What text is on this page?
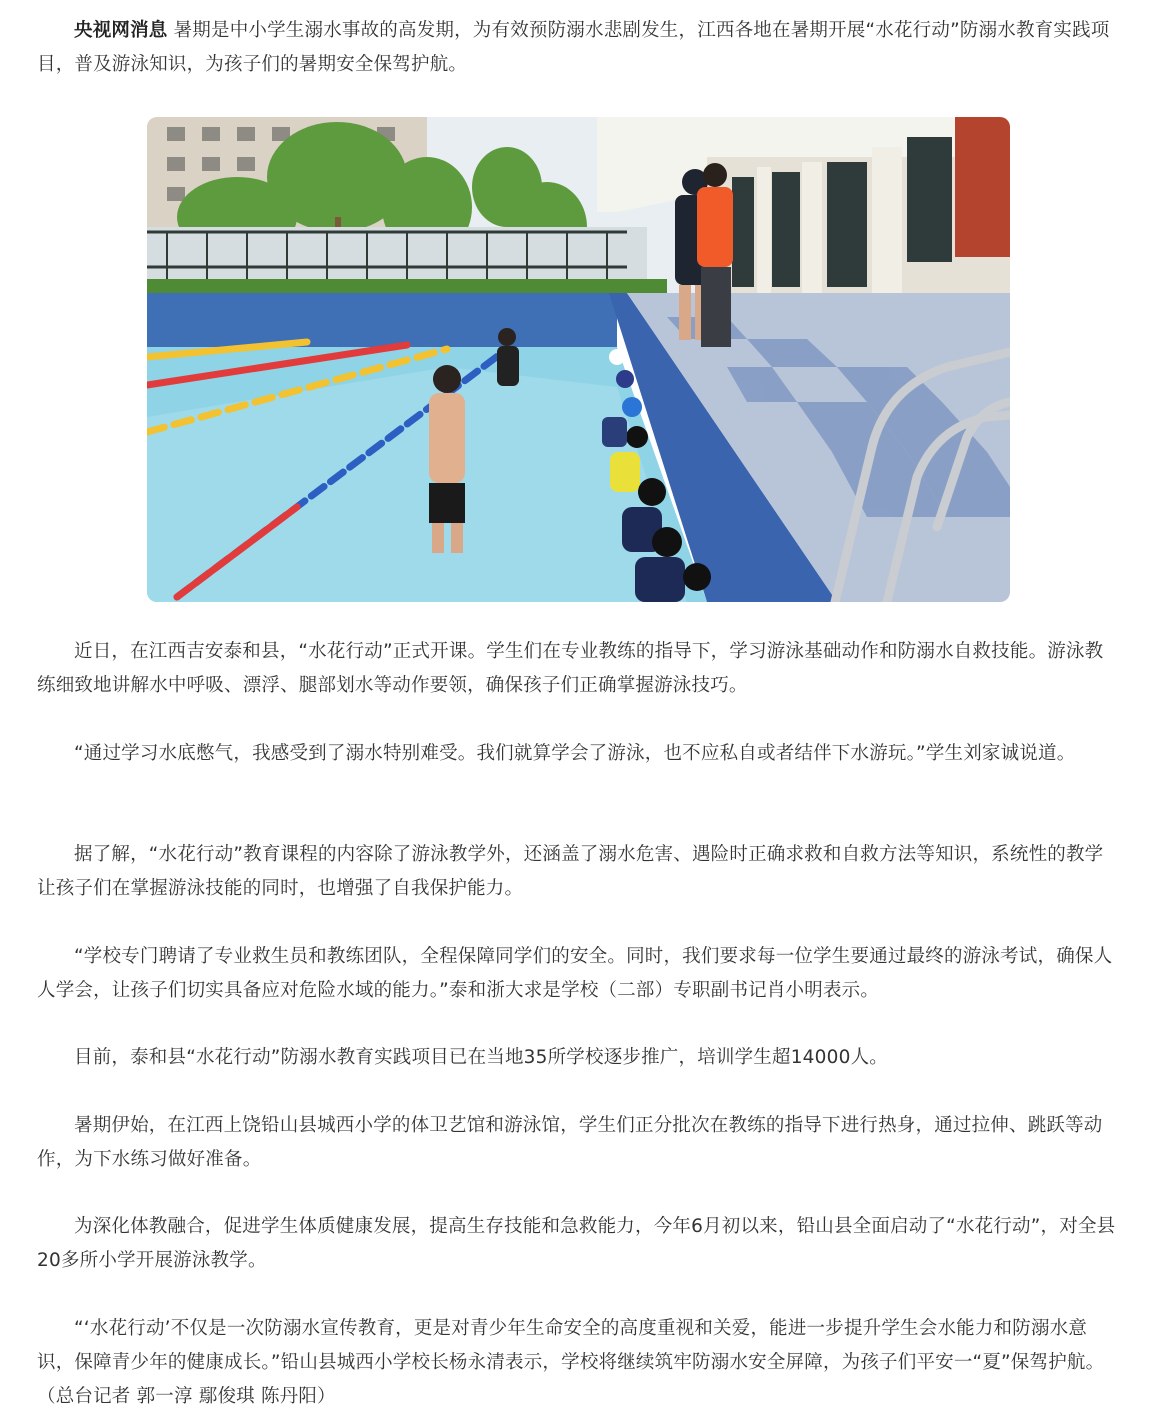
央视网消息 暑期是中小学生溺水事故的高发期，为有效预防溺水悲剧发生，江西各地在暑期开展“水花行动”防溺水教育实践项目，普及游泳知识，为孩子们的暑期安全保驾护航。

近日，在江西吉安泰和县，“水花行动”正式开课。学生们在专业教练的指导下，学习游泳基础动作和防溺水自救技能。游泳教练细致地讲解水中呼吸、漂浮、腿部划水等动作要领，确保孩子们正确掌握游泳技巧。

“通过学习水底憋气，我感受到了溺水特别难受。我们就算学会了游泳，也不应私自或者结伴下水游玩。”学生刘家诚说道。

据了解，“水花行动”教育课程的内容除了游泳教学外，还涵盖了溺水危害、遇险时正确求救和自救方法等知识，系统性的教学让孩子们在掌握游泳技能的同时，也增强了自我保护能力。

“学校专门聘请了专业救生员和教练团队，全程保障同学们的安全。同时，我们要求每一位学生要通过最终的游泳考试，确保人人学会，让孩子们切实具备应对危险水域的能力。”泰和浙大求是学校（二部）专职副书记肖小明表示。

目前，泰和县“水花行动”防溺水教育实践项目已在当地35所学校逐步推广，培训学生超14000人。

暑期伊始，在江西上饶铅山县城西小学的体卫艺馆和游泳馆，学生们正分批次在教练的指导下进行热身，通过拉伸、跳跃等动作，为下水练习做好准备。

为深化体教融合，促进学生体质健康发展，提高生存技能和急救能力，今年6月初以来，铅山县全面启动了“水花行动”，对全县20多所小学开展游泳教学。

“‘水花行动’不仅是一次防溺水宣传教育，更是对青少年生命安全的高度重视和关爱，能进一步提升学生会水能力和防溺水意识，保障青少年的健康成长。”铅山县城西小学校长杨永清表示，学校将继续筑牢防溺水安全屏障，为孩子们平安一“夏”保驾护航。（总台记者 郭一淳 鄢俊琪 陈丹阳）
